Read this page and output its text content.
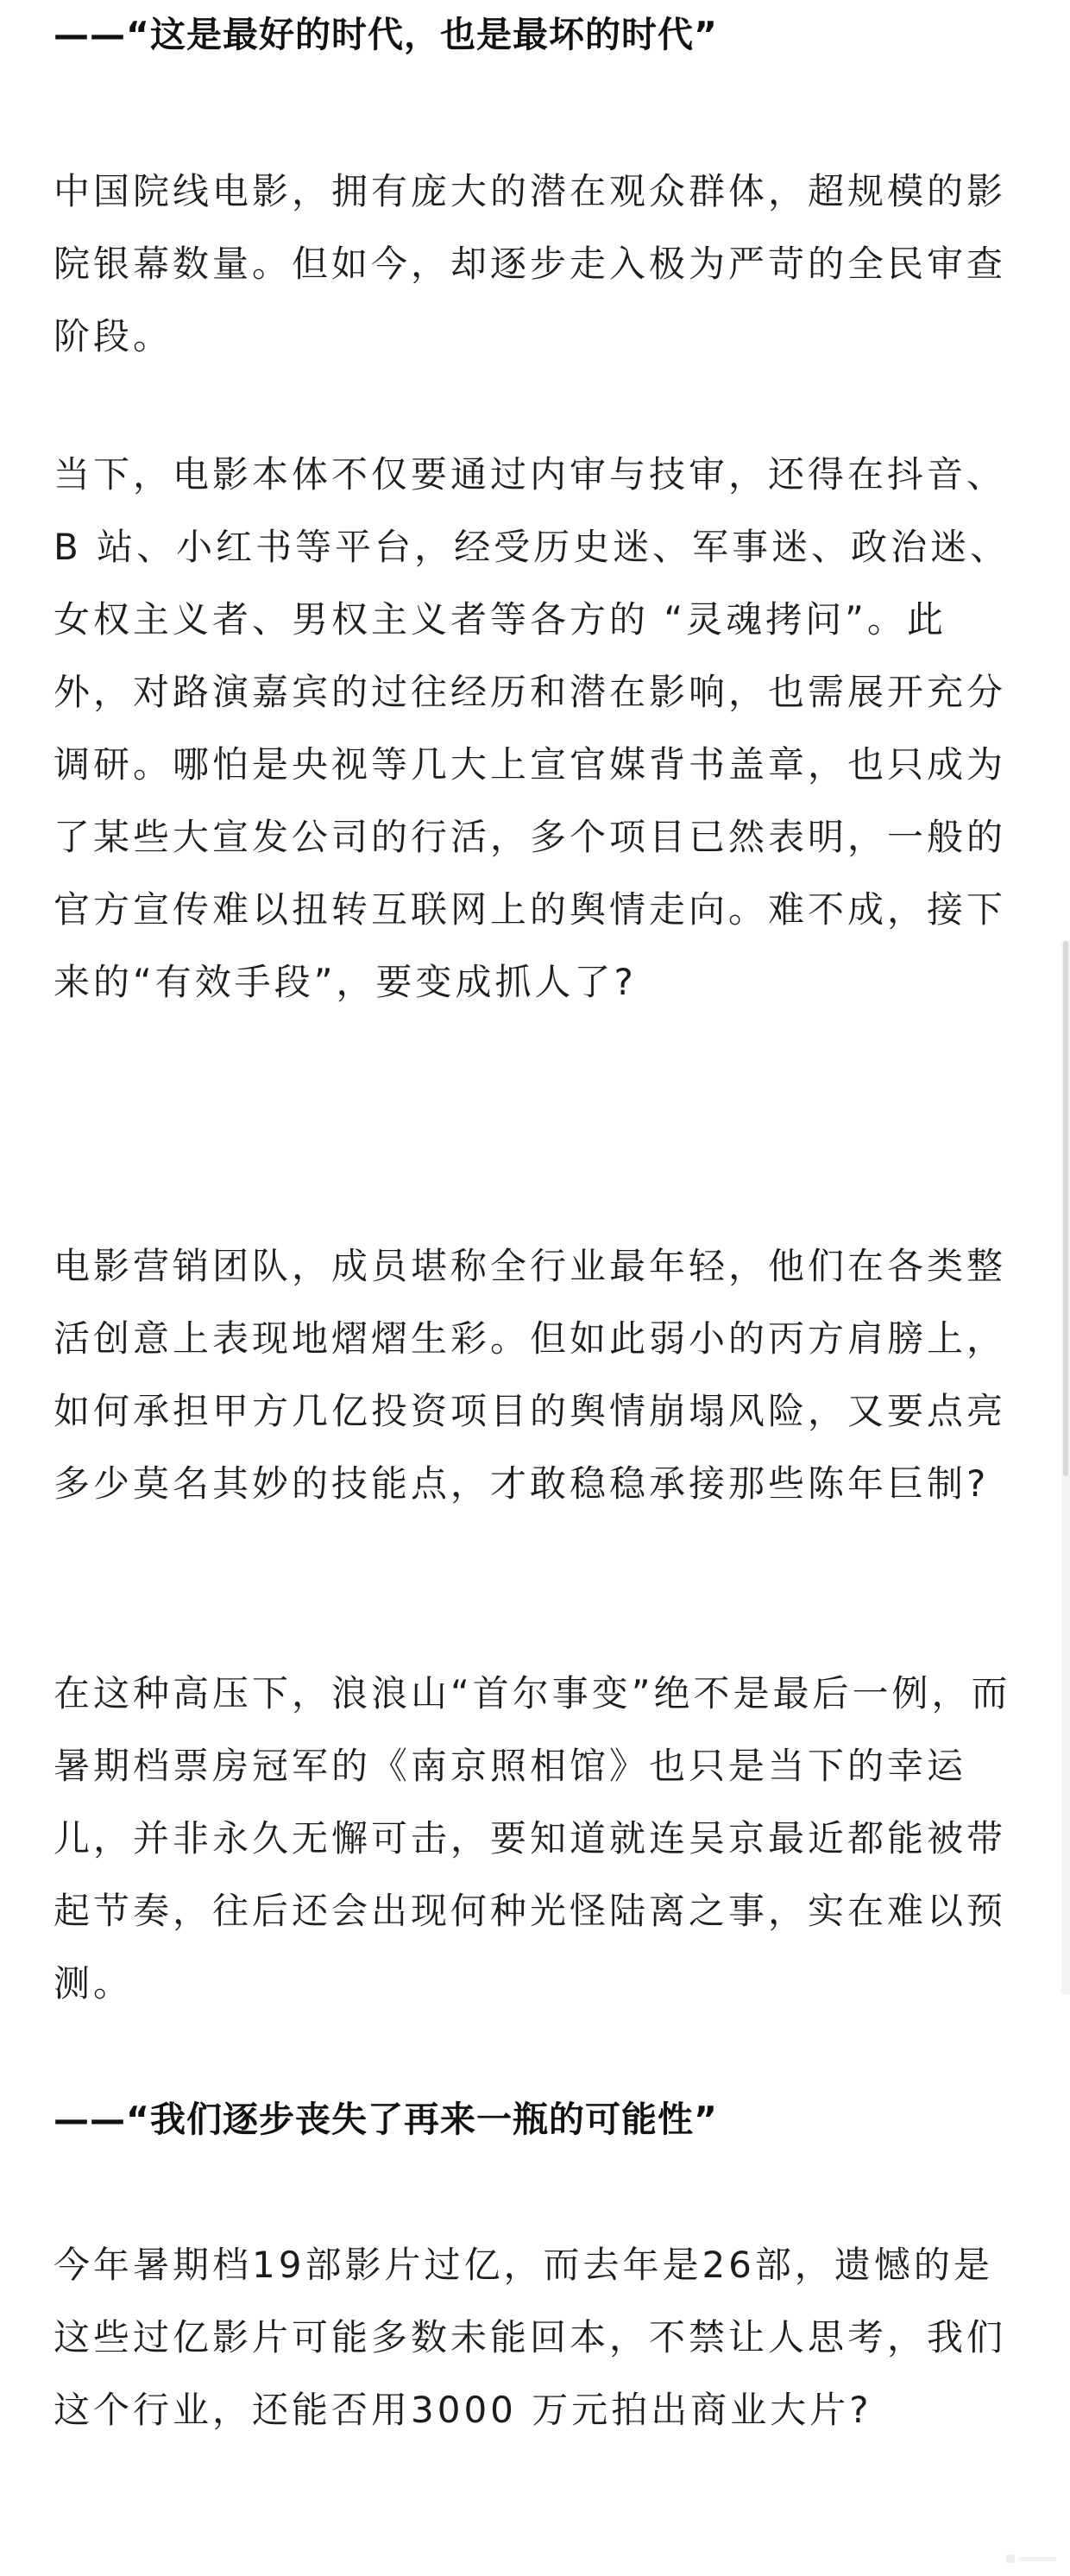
——“这是最好的时代，也是最坏的时代”

中国院线电影，拥有庞大的潜在观众群体，超规模的影院银幕数量。但如今，却逐步走入极为严苛的全民审查阶段。

当下，电影本体不仅要通过内审与技审，还得在抖音、B 站、小红书等平台，经受历史迷、军事迷、政治迷、女权主义者、男权主义者等各方的 “灵魂拷问”。此外，对路演嘉宾的过往经历和潜在影响，也需展开充分调研。哪怕是央视等几大上宣官媒背书盖章，也只成为了某些大宣发公司的行活，多个项目已然表明，一般的官方宣传难以扭转互联网上的舆情走向。难不成，接下来的“有效手段”，要变成抓人了?

电影营销团队，成员堪称全行业最年轻，他们在各类整活创意上表现地熠熠生彩。但如此弱小的丙方肩膀上，如何承担甲方几亿投资项目的舆情崩塌风险，又要点亮多少莫名其妙的技能点，才敢稳稳承接那些陈年巨制?

在这种高压下，浪浪山“首尔事变”绝不是最后一例，而暑期档票房冠军的《南京照相馆》也只是当下的幸运儿，并非永久无懈可击，要知道就连吴京最近都能被带起节奏，往后还会出现何种光怪陆离之事，实在难以预测。

——“我们逐步丧失了再来一瓶的可能性”

今年暑期档19部影片过亿，而去年是26部，遗憾的是这些过亿影片可能多数未能回本，不禁让人思考，我们这个行业，还能否用3000 万元拍出商业大片?
